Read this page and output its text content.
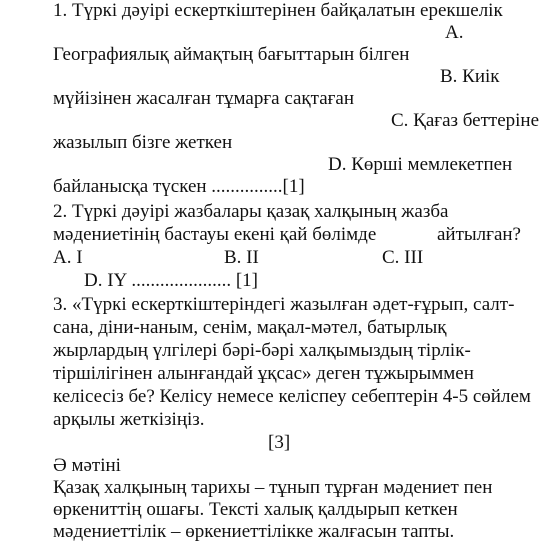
1. Түркі дәуірі ескерткіштерінен байқалатын ерекшелік
A.
Географиялық аймақтың бағыттарын білген
B. Киік
мүйізінен жасалған тұмарға сақтаған
C. Қағаз беттеріне
жазылып бізге жеткен
D. Көрші мемлекетпен
байланысқа түскен ...............[1]
2. Түркі дәуірі жазбалары қазақ халқының жазба
мәдениетінің бастауы екені қай бөлімде	айтылған?
A. I	B. II	C. III
D. IY ..................... [1]
3. «Түркі ескерткіштеріндегі жазылған әдет-ғұрып, салт-
сана, діни-наным, сенім, мақал-мәтел, батырлық
жырлардың үлгілері бәрі-бәрі халқымыздың тірлік-
тіршілігінен алынғандай ұқсас» деген тұжырыммен
келісесіз бе? Келісу немесе келіспеу себептерін 4-5 сөйлем
арқылы жеткізіңіз.
[3]
Ә мәтіні
Қазақ халқының тарихы – тұнып тұрған мәдениет пен
өркениттің ошағы. Тексті халық қалдырып кеткен
мәдениеттілік – өркениеттілікке жалғасын тапты.
